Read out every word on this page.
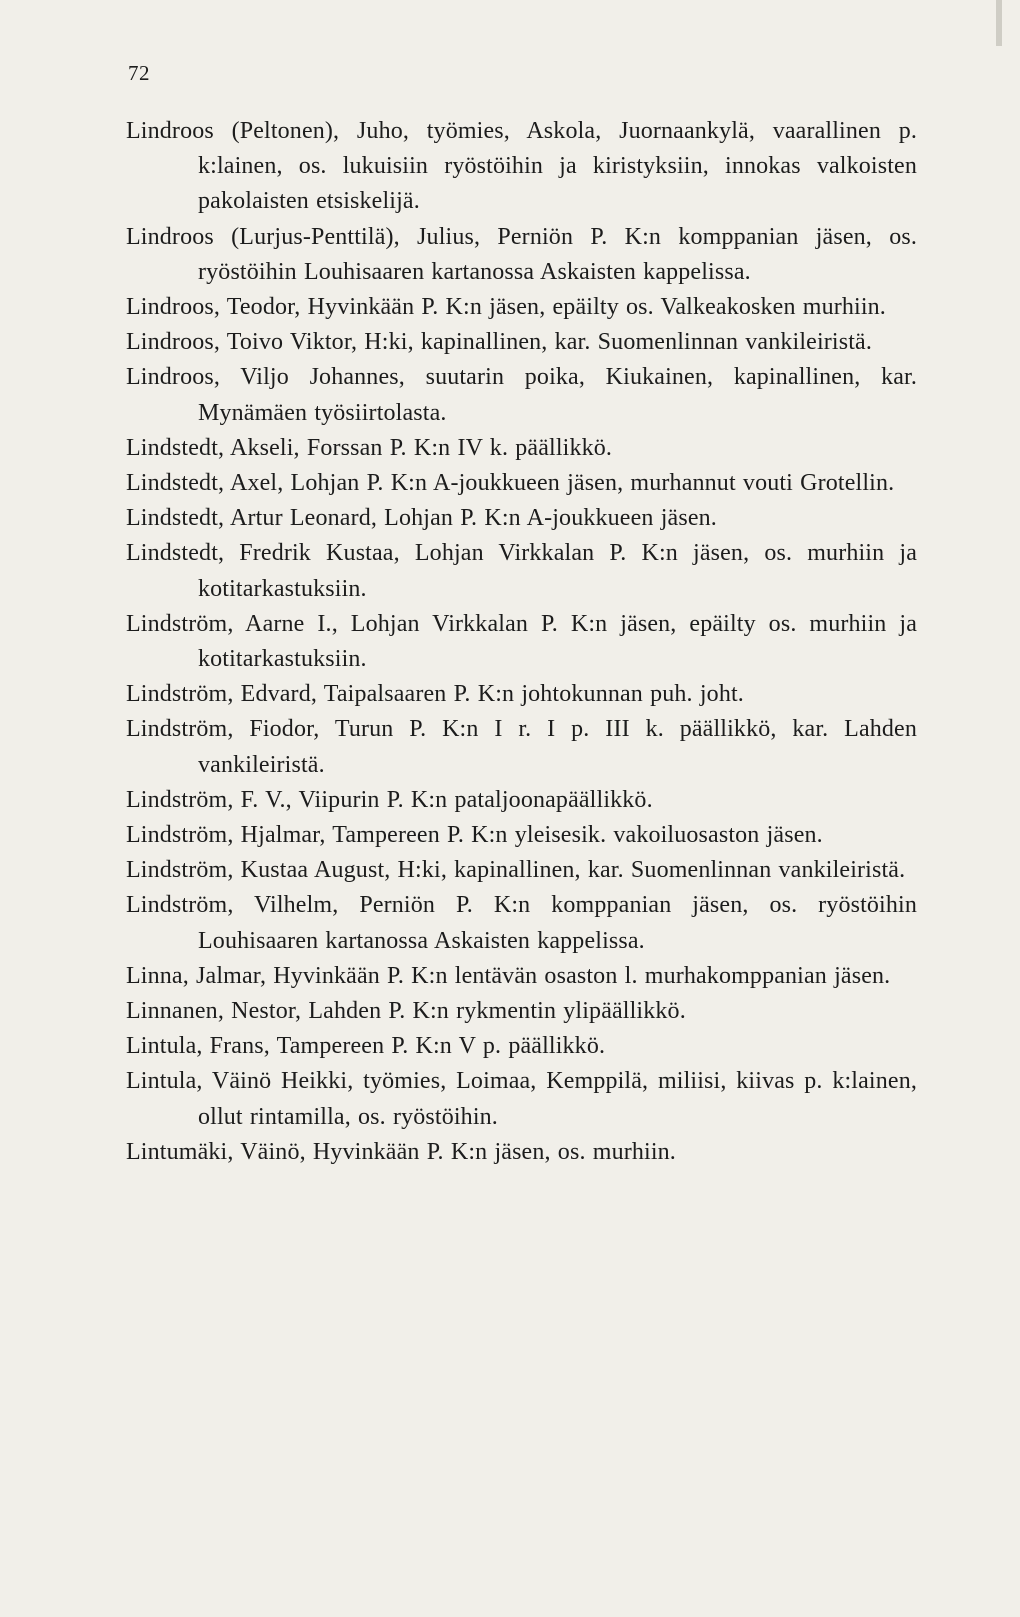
72
Lindroos (Peltonen), Juho, työmies, Askola, Juornaankylä, vaarallinen p. k:lainen, os. lukuisiin ryöstöihin ja kiristyksiin, innokas valkoisten pakolaisten etsiskelijä.
Lindroos (Lurjus-Penttilä), Julius, Perniön P. K:n komppanian jäsen, os. ryöstöihin Louhisaaren kartanossa Askaisten kappelissa.
Lindroos, Teodor, Hyvinkään P. K:n jäsen, epäilty os. Valkeakosken murhiin.
Lindroos, Toivo Viktor, H:ki, kapinallinen, kar. Suomenlinnan vankileiristä.
Lindroos, Viljo Johannes, suutarin poika, Kiukainen, kapinallinen, kar. Mynämäen työsiirtolasta.
Lindstedt, Akseli, Forssan P. K:n IV k. päällikkö.
Lindstedt, Axel, Lohjan P. K:n A-joukkueen jäsen, murhannut vouti Grotellin.
Lindstedt, Artur Leonard, Lohjan P. K:n A-joukkueen jäsen.
Lindstedt, Fredrik Kustaa, Lohjan Virkkalan P. K:n jäsen, os. murhiin ja kotitarkastuksiin.
Lindström, Aarne I., Lohjan Virkkalan P. K:n jäsen, epäilty os. murhiin ja kotitarkastuksiin.
Lindström, Edvard, Taipalsaaren P. K:n johtokunnan puh. joht.
Lindström, Fiodor, Turun P. K:n I r. I p. III k. päällikkö, kar. Lahden vankileiristä.
Lindström, F. V., Viipurin P. K:n pataljoonapäällikkö.
Lindström, Hjalmar, Tampereen P. K:n yleisesik. vakoiluosaston jäsen.
Lindström, Kustaa August, H:ki, kapinallinen, kar. Suomenlinnan vankileiristä.
Lindström, Vilhelm, Perniön P. K:n komppanian jäsen, os. ryöstöihin Louhisaaren kartanossa Askaisten kappelissa.
Linna, Jalmar, Hyvinkään P. K:n lentävän osaston l. murhakomppanian jäsen.
Linnanen, Nestor, Lahden P. K:n rykmentin ylipäällikkö.
Lintula, Frans, Tampereen P. K:n V p. päällikkö.
Lintula, Väinö Heikki, työmies, Loimaa, Kemppilä, miliisi, kiivas p. k:lainen, ollut rintamilla, os. ryöstöihin.
Lintumäki, Väinö, Hyvinkään P. K:n jäsen, os. murhiin.
